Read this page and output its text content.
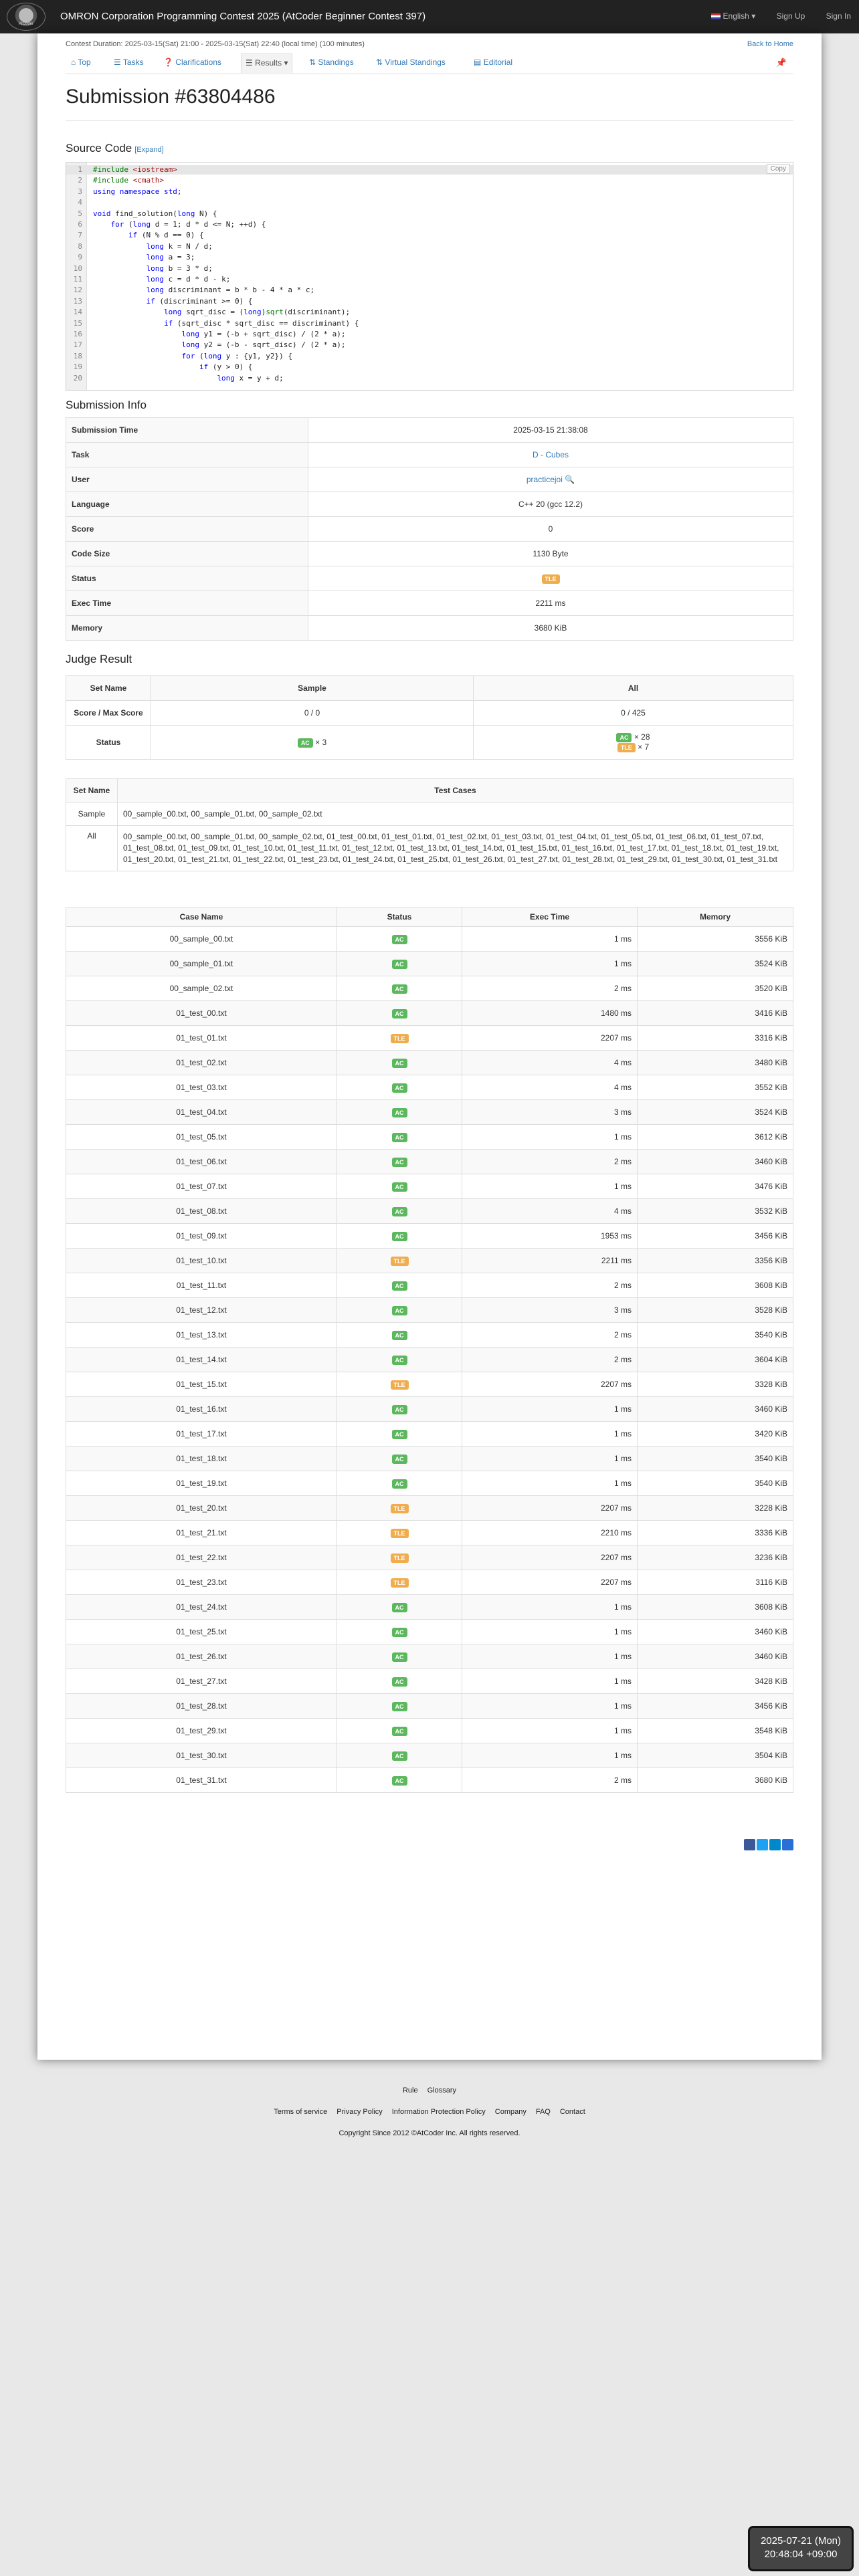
AtCoder
OMRON Corporation Programming Contest 2025 (AtCoder Beginner Contest 397)	English ▾	Sign Up	Sign In
Contest Duration: 2025-03-15(Sat) 21:00 - 2025-03-15(Sat) 22:40 (local time) (100 minutes)	Back to Home
⌂ Top	☰ Tasks ❓ Clarifications	☰ Results ▾	⇅ Standings	⇅ Virtual Standings	▤ Editorial	📌
Submission #63804486
Source Code [Expand]
1 #include <iostream>
2 #include <cmath>
3 using namespace std;
4
5 void find_solution(long N) {
6	for (long d = 1; d * d <= N; ++d) {
7	if (N % d == 0) {
8	long k = N / d;
9	long a = 3;
10	long b = 3 * d;
11	long c = d * d - k;
12	long discriminant = b * b - 4 * a * c;
13	if (discriminant >= 0) {
14	long sqrt_disc = (long)sqrt(discriminant);
15	if (sqrt_disc * sqrt_disc == discriminant) {
16	long y1 = (-b + sqrt_disc) / (2 * a);
17	long y2 = (-b - sqrt_disc) / (2 * a);
18	for (long y : {y1, y2}) {
19	if (y > 0) {
20	long x = y + d;
Copy
Submission Info
Submission Time	2025-03-15 21:38:08
Task	D - Cubes
User	practicejoi 🔍
Language	C++ 20 (gcc 12.2)
Score	0
Code Size	1130 Byte
Status	TLE
Exec Time	2211 ms
Memory	3680 KiB
Judge Result
Set Name	Sample	All
Score / Max Score	0 / 0	0 / 425
Status	AC × 3	AC × 28
TLE × 7
Set Name	Test Cases
Sample	00_sample_00.txt, 00_sample_01.txt, 00_sample_02.txt
All	00_sample_00.txt, 00_sample_01.txt, 00_sample_02.txt, 01_test_00.txt, 01_test_01.txt, 01_test_02.txt, 01_test_03.txt, 01_test_04.txt, 01_test_05.txt, 01_test_06.txt, 01_test_07.txt, 01_test_08.txt, 01_test_09.txt, 01_test_10.txt, 01_test_11.txt, 01_test_12.txt, 01_test_13.txt, 01_test_14.txt, 01_test_15.txt, 01_test_16.txt, 01_test_17.txt, 01_test_18.txt, 01_test_19.txt, 01_test_20.txt, 01_test_21.txt, 01_test_22.txt, 01_test_23.txt, 01_test_24.txt, 01_test_25.txt, 01_test_26.txt, 01_test_27.txt, 01_test_28.txt, 01_test_29.txt, 01_test_30.txt, 01_test_31.txt
Case Name	Status	Exec Time	Memory
00_sample_00.txt	AC	1 ms	3556 KiB
00_sample_01.txt	AC	1 ms	3524 KiB
00_sample_02.txt	AC	2 ms	3520 KiB
01_test_00.txt	AC	1480 ms	3416 KiB
01_test_01.txt	TLE	2207 ms	3316 KiB
01_test_02.txt	AC	4 ms	3480 KiB
01_test_03.txt	AC	4 ms	3552 KiB
01_test_04.txt	AC	3 ms	3524 KiB
01_test_05.txt	AC	1 ms	3612 KiB
01_test_06.txt	AC	2 ms	3460 KiB
01_test_07.txt	AC	1 ms	3476 KiB
01_test_08.txt	AC	4 ms	3532 KiB
01_test_09.txt	AC	1953 ms	3456 KiB
01_test_10.txt	TLE	2211 ms	3356 KiB
01_test_11.txt	AC	2 ms	3608 KiB
01_test_12.txt	AC	3 ms	3528 KiB
01_test_13.txt	AC	2 ms	3540 KiB
01_test_14.txt	AC	2 ms	3604 KiB
01_test_15.txt	TLE	2207 ms	3328 KiB
01_test_16.txt	AC	1 ms	3460 KiB
01_test_17.txt	AC	1 ms	3420 KiB
01_test_18.txt	AC	1 ms	3540 KiB
01_test_19.txt	AC	1 ms	3540 KiB
01_test_20.txt	TLE	2207 ms	3228 KiB
01_test_21.txt	TLE	2210 ms	3336 KiB
01_test_22.txt	TLE	2207 ms	3236 KiB
01_test_23.txt	TLE	2207 ms	3116 KiB
01_test_24.txt	AC	1 ms	3608 KiB
01_test_25.txt	AC	1 ms	3460 KiB
01_test_26.txt	AC	1 ms	3460 KiB
01_test_27.txt	AC	1 ms	3428 KiB
01_test_28.txt	AC	1 ms	3456 KiB
01_test_29.txt	AC	1 ms	3548 KiB
01_test_30.txt	AC	1 ms	3504 KiB
01_test_31.txt	AC	2 ms	3680 KiB
Rule Glossary
Terms of service Privacy Policy Information Protection Policy Company FAQ Contact
Copyright Since 2012 ©AtCoder Inc. All rights reserved.
2025-07-21 (Mon)
20:48:04 +09:00
